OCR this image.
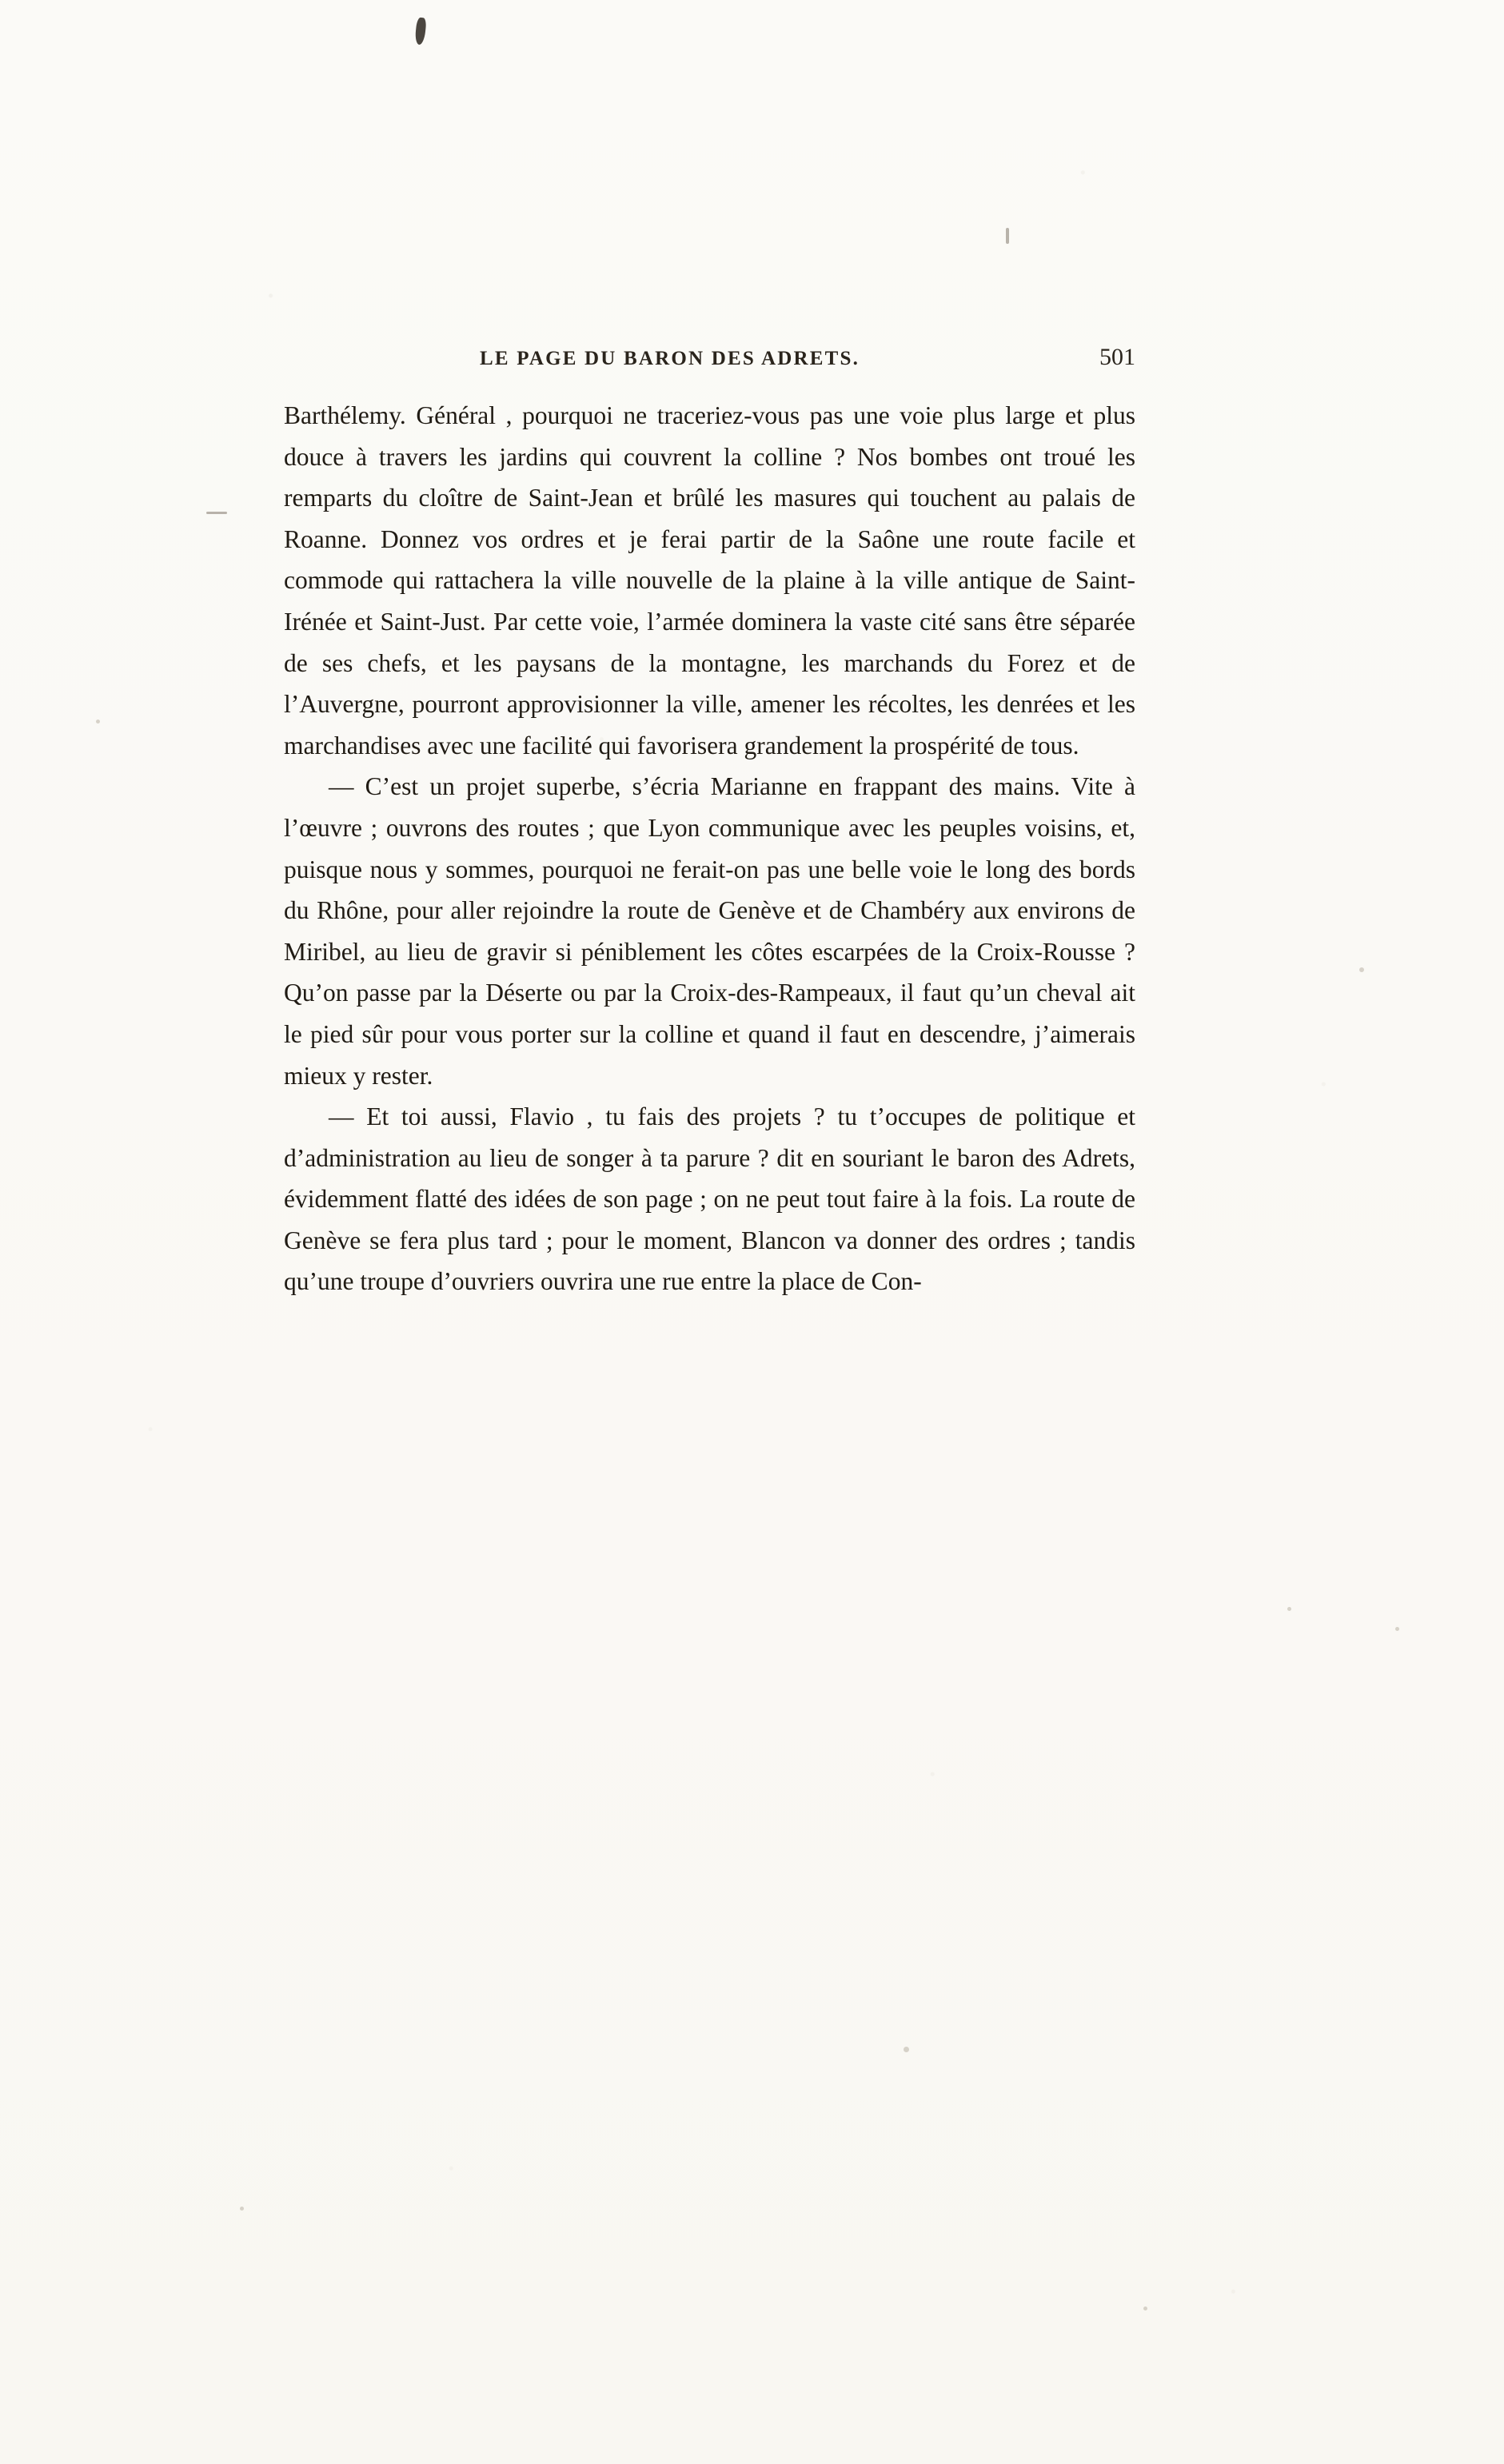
LE PAGE DU BARON DES ADRETS.	501

Barthélemy. Général , pourquoi ne traceriez-vous pas une voie plus large et plus douce à travers les jardins qui couvrent la colline ? Nos bombes ont troué les remparts du cloître de Saint-Jean et brûlé les masures qui touchent au palais de Roanne. Donnez vos ordres et je ferai partir de la Saône une route facile et commode qui rattachera la ville nouvelle de la plaine à la ville antique de Saint-Irénée et Saint-Just. Par cette voie, l’armée dominera la vaste cité sans être séparée de ses chefs, et les paysans de la montagne, les marchands du Forez et de l’Auvergne, pourront approvisionner la ville, amener les récoltes, les denrées et les marchandises avec une facilité qui favorisera grandement la prospérité de tous.

— C’est un projet superbe, s’écria Marianne en frappant des mains. Vite à l’œuvre ; ouvrons des routes ; que Lyon communique avec les peuples voisins, et, puisque nous y sommes, pourquoi ne ferait-on pas une belle voie le long des bords du Rhône, pour aller rejoindre la route de Genève et de Chambéry aux environs de Miribel, au lieu de gravir si péniblement les côtes escarpées de la Croix-Rousse ? Qu’on passe par la Déserte ou par la Croix-des-Rampeaux, il faut qu’un cheval ait le pied sûr pour vous porter sur la colline et quand il faut en descendre, j’aimerais mieux y rester.

— Et toi aussi, Flavio , tu fais des projets ? tu t’occupes de politique et d’administration au lieu de songer à ta parure ? dit en souriant le baron des Adrets, évidemment flatté des idées de son page ; on ne peut tout faire à la fois. La route de Genève se fera plus tard ; pour le moment, Blancon va donner des ordres ; tandis qu’une troupe d’ouvriers ouvrira une rue entre la place de Con-
